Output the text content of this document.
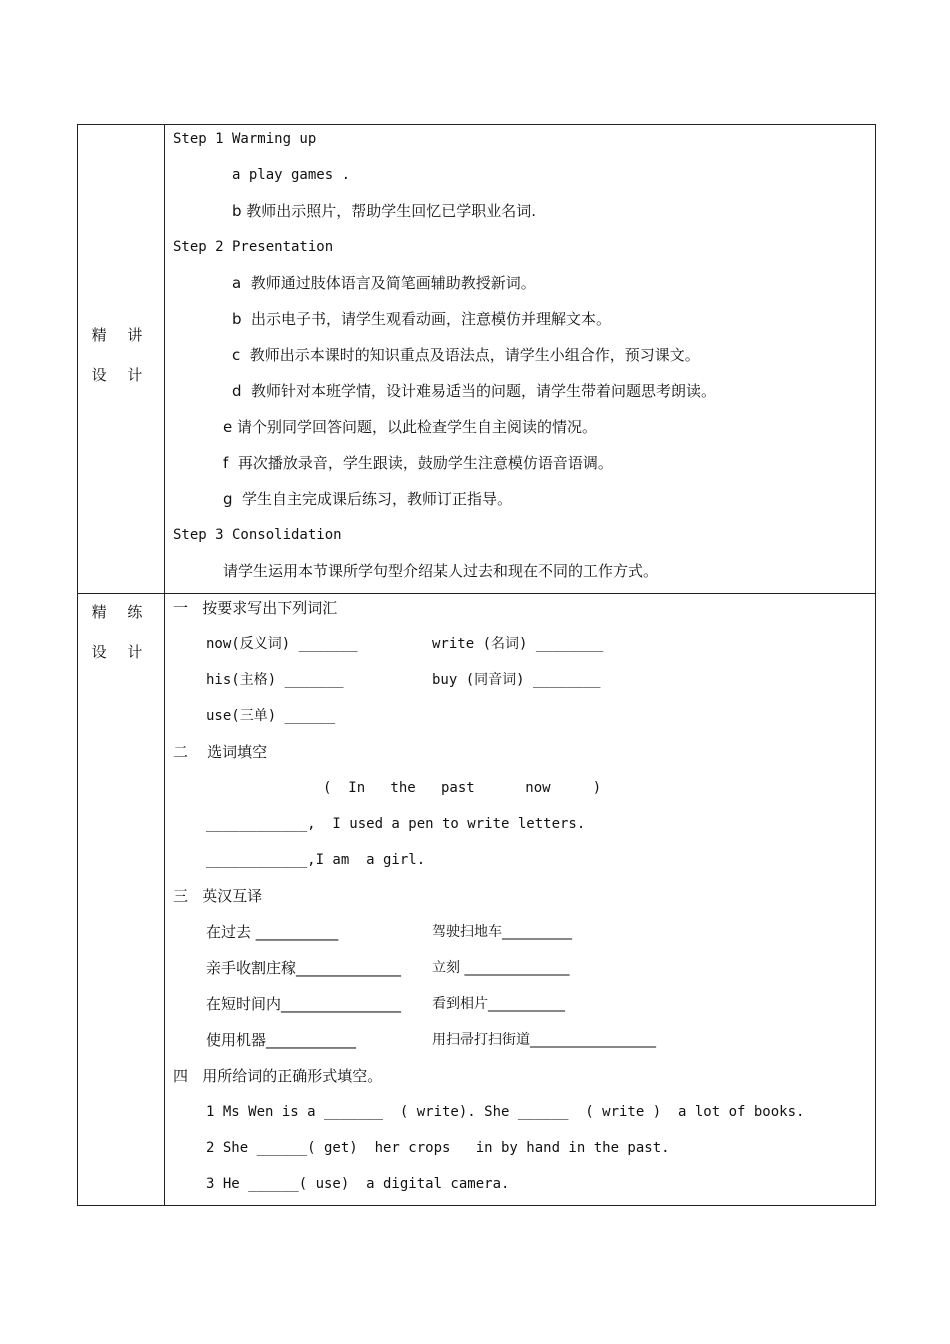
精 讲
设 计
Step 1 Warming up
a play games .
b 教师出示照片，帮助学生回忆已学职业名词.
Step 2 Presentation
a  教师通过肢体语言及简笔画辅助教授新词。
b  出示电子书，请学生观看动画，注意模仿并理解文本。
c  教师出示本课时的知识重点及语法点，请学生小组合作，预习课文。
d  教师针对本班学情，设计难易适当的问题，请学生带着问题思考朗读。
e 请个别同学回答问题，以此检查学生自主阅读的情况。
f  再次播放录音，学生跟读，鼓励学生注意模仿语音语调。
g  学生自主完成课后练习，教师订正指导。
Step 3 Consolidation
请学生运用本节课所学句型介绍某人过去和现在不同的工作方式。
精 练
设 计
一   按要求写出下列词汇
now(反义词) _______	write (名词) ________
his(主格) _______	buy (同音词) ________
use(三单) ______
二    选词填空
(  In   the   past      now     )
____________,  I used a pen to write letters.
____________,I am  a girl.
三   英汉互译
在过去 ___________	驾驶扫地车__________
亲手收割庄稼______________ 立刻 _______________
在短时间内________________ 看到相片___________
使用机器____________	用扫帚打扫街道__________________
四   用所给词的正确形式填空。
1 Ms Wen is a _______  ( write). She ______  ( write )  a lot of books.
2 She ______( get)  her crops   in by hand in the past.
3 He ______( use)  a digital camera.
